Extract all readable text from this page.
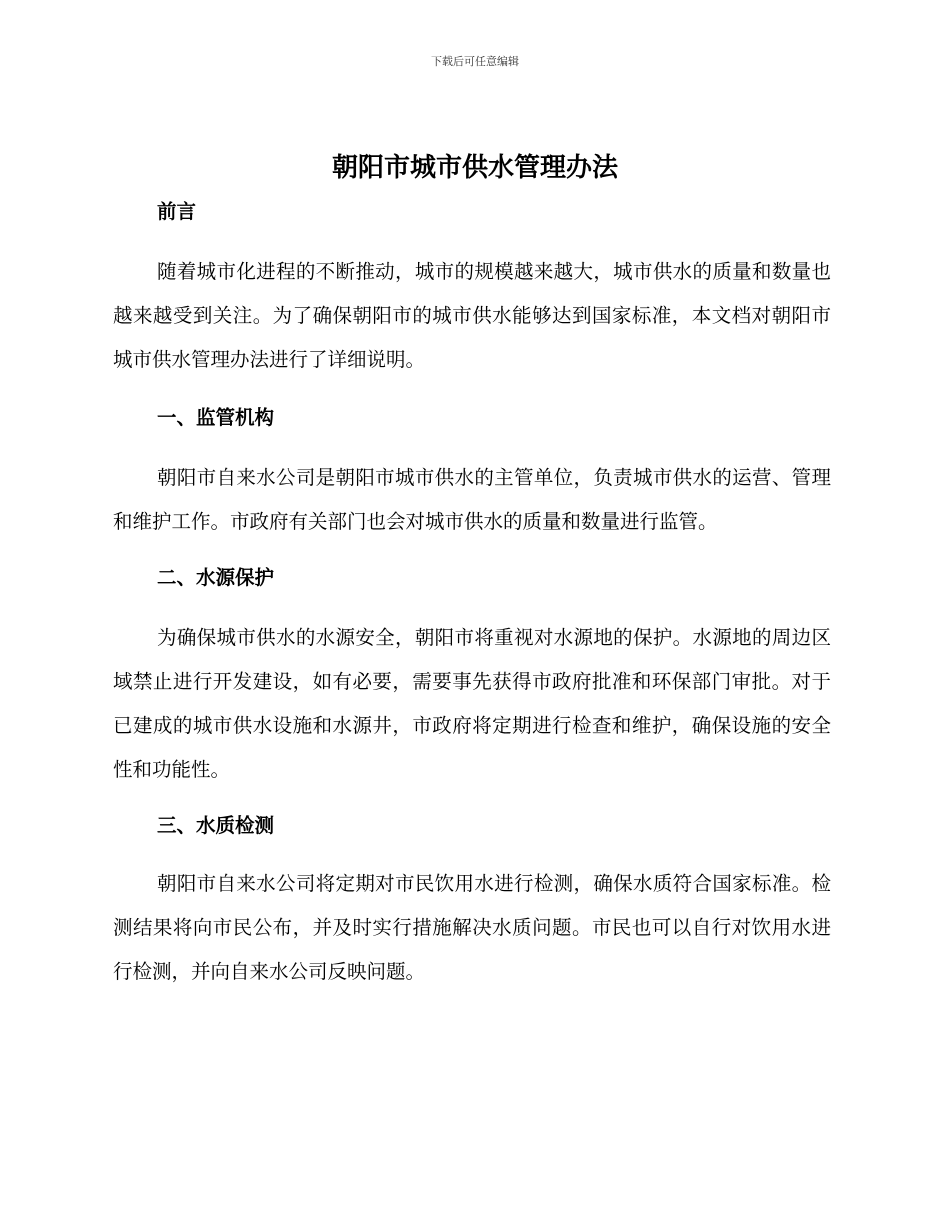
下载后可任意编辑
朝阳市城市供水管理办法

前言

随着城市化进程的不断推动，城市的规模越来越大，城市供水的质量和数量也越来越受到关注。为了确保朝阳市的城市供水能够达到国家标准，本文档对朝阳市城市供水管理办法进行了详细说明。

一、监管机构

朝阳市自来水公司是朝阳市城市供水的主管单位，负责城市供水的运营、管理和维护工作。市政府有关部门也会对城市供水的质量和数量进行监管。

二、水源保护

为确保城市供水的水源安全，朝阳市将重视对水源地的保护。水源地的周边区域禁止进行开发建设，如有必要，需要事先获得市政府批准和环保部门审批。对于已建成的城市供水设施和水源井，市政府将定期进行检查和维护，确保设施的安全性和功能性。

三、水质检测

朝阳市自来水公司将定期对市民饮用水进行检测，确保水质符合国家标准。检测结果将向市民公布，并及时实行措施解决水质问题。市民也可以自行对饮用水进行检测，并向自来水公司反映问题。
